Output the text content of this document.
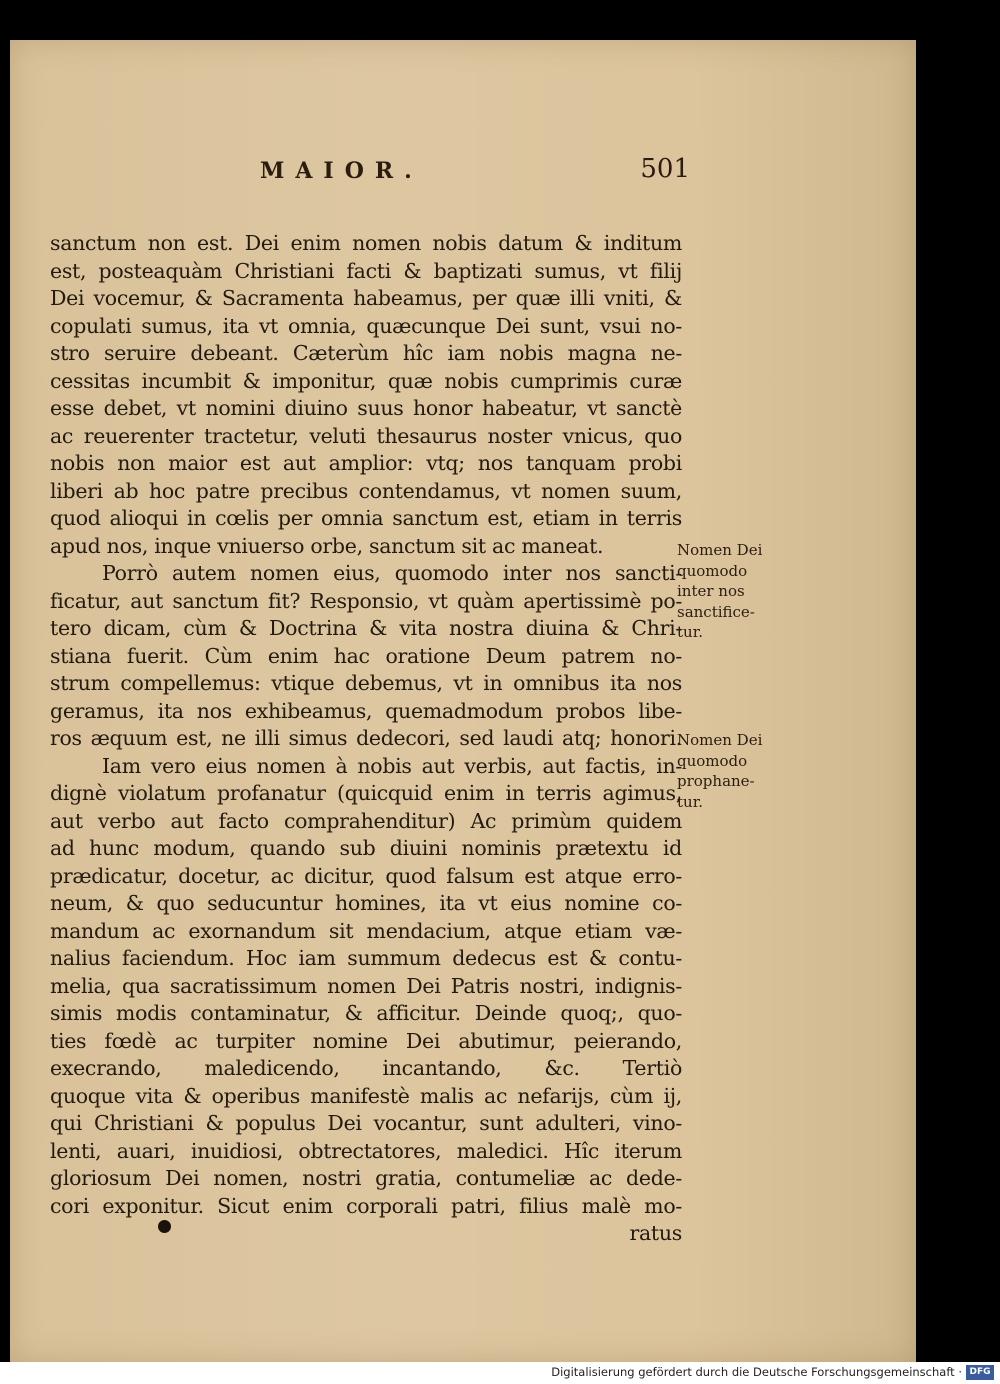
MAIOR.	501
sanctum non est. Dei enim nomen nobis datum & inditum
est, posteaquàm Christiani facti & baptizati sumus, vt filij
Dei vocemur, & Sacramenta habeamus, per quæ illi vniti, &
copulati sumus, ita vt omnia, quæcunque Dei sunt, vsui no-
stro seruire debeant. Cæterùm hîc iam nobis magna ne-
cessitas incumbit & imponitur, quæ nobis cumprimis curæ
esse debet, vt nomini diuino suus honor habeatur, vt sanctè
ac reuerenter tractetur, veluti thesaurus noster vnicus, quo
nobis non maior est aut amplior: vtq; nos tanquam probi
liberi ab hoc patre precibus contendamus, vt nomen suum,
quod alioqui in cœlis per omnia sanctum est, etiam in terris
apud nos, inque vniuerso orbe, sanctum sit ac maneat.
Porrò autem nomen eius, quomodo inter nos sancti-
ficatur, aut sanctum fit? Responsio, vt quàm apertissimè po-
tero dicam, cùm & Doctrina & vita nostra diuina & Chri-
stiana fuerit. Cùm enim hac oratione Deum patrem no-
strum compellemus: vtique debemus, vt in omnibus ita nos
geramus, ita nos exhibeamus, quemadmodum probos libe-
ros æquum est, ne illi simus dedecori, sed laudi atq; honori.
Iam vero eius nomen à nobis aut verbis, aut factis, in-
dignè violatum profanatur (quicquid enim in terris agimus,
aut verbo aut facto comprahenditur) Ac primùm quidem
ad hunc modum, quando sub diuini nominis prætextu id
prædicatur, docetur, ac dicitur, quod falsum est atque erro-
neum, & quo seducuntur homines, ita vt eius nomine co-
mandum ac exornandum sit mendacium, atque etiam væ-
nalius faciendum. Hoc iam summum dedecus est & contu-
melia, qua sacratissimum nomen Dei Patris nostri, indignis-
simis modis contaminatur, & afficitur. Deinde quoq;, quo-
ties fœdè ac turpiter nomine Dei abutimur, peierando,
execrando, maledicendo, incantando, &c. Tertiò
quoque vita & operibus manifestè malis ac nefarijs, cùm ij,
qui Christiani & populus Dei vocantur, sunt adulteri, vino-
lenti, auari, inuidiosi, obtrectatores, maledici. Hîc iterum
gloriosum Dei nomen, nostri gratia, contumeliæ ac dede-
cori exponitur. Sicut enim corporali patri, filius malè mo-
ratus
Nomen Dei
quomodo
inter nos
sanctifice-
tur.
Nomen Dei
quomodo
prophane-
tur.
Digitalisierung gefördert durch die Deutsche Forschungsgemeinschaft · DFG
